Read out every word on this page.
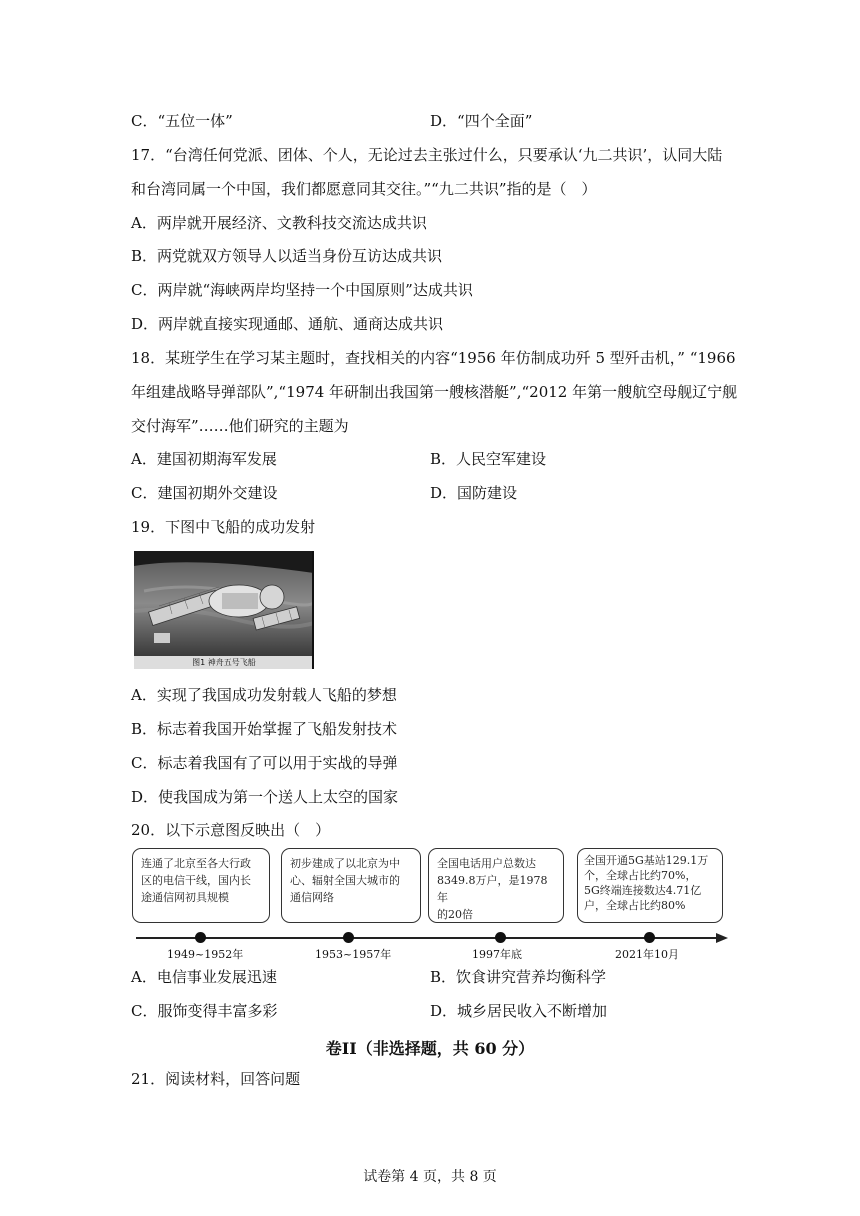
C．“五位一体”	D．“四个全面”
17．“台湾任何党派、团体、个人，无论过去主张过什么，只要承认‘九二共识’，认同大陆
和台湾同属一个中国，我们都愿意同其交往。”“九二共识”指的是（　）
A．两岸就开展经济、文教科技交流达成共识
B．两党就双方领导人以适当身份互访达成共识
C．两岸就“海峡两岸均坚持一个中国原则”达成共识
D．两岸就直接实现通邮、通航、通商达成共识
18．某班学生在学习某主题时，查找相关的内容“1956 年仿制成功歼 5 型歼击机，” “1966
年组建战略导弹部队”,“1974 年研制出我国第一艘核潜艇”,“2012 年第一艘航空母舰辽宁舰
交付海军”……他们研究的主题为
A．建国初期海军发展	B．人民空军建设
C．建国初期外交建设	D．国防建设
19．下图中飞船的成功发射
图1 神舟五号飞船
A．实现了我国成功发射载人飞船的梦想
B．标志着我国开始掌握了飞船发射技术
C．标志着我国有了可以用于实战的导弹
D．使我国成为第一个送人上太空的国家
20．以下示意图反映出（　）
连通了北京至各大行政
区的电信干线，国内长
途通信网初具规模
初步建成了以北京为中
心、辐射全国大城市的
通信网络
全国电话用户总数达
8349.8万户，是1978年
的20倍
全国开通5G基站129.1万
个，全球占比约70%，
5G终端连接数达4.71亿
户，全球占比约80%
1949~1952年	1953~1957年	1997年底	2021年10月
A．电信事业发展迅速	B．饮食讲究营养均衡科学
C．服饰变得丰富多彩	D．城乡居民收入不断增加
卷II（非选择题，共 60 分）
21．阅读材料，回答问题
试卷第 4 页，共 8 页
